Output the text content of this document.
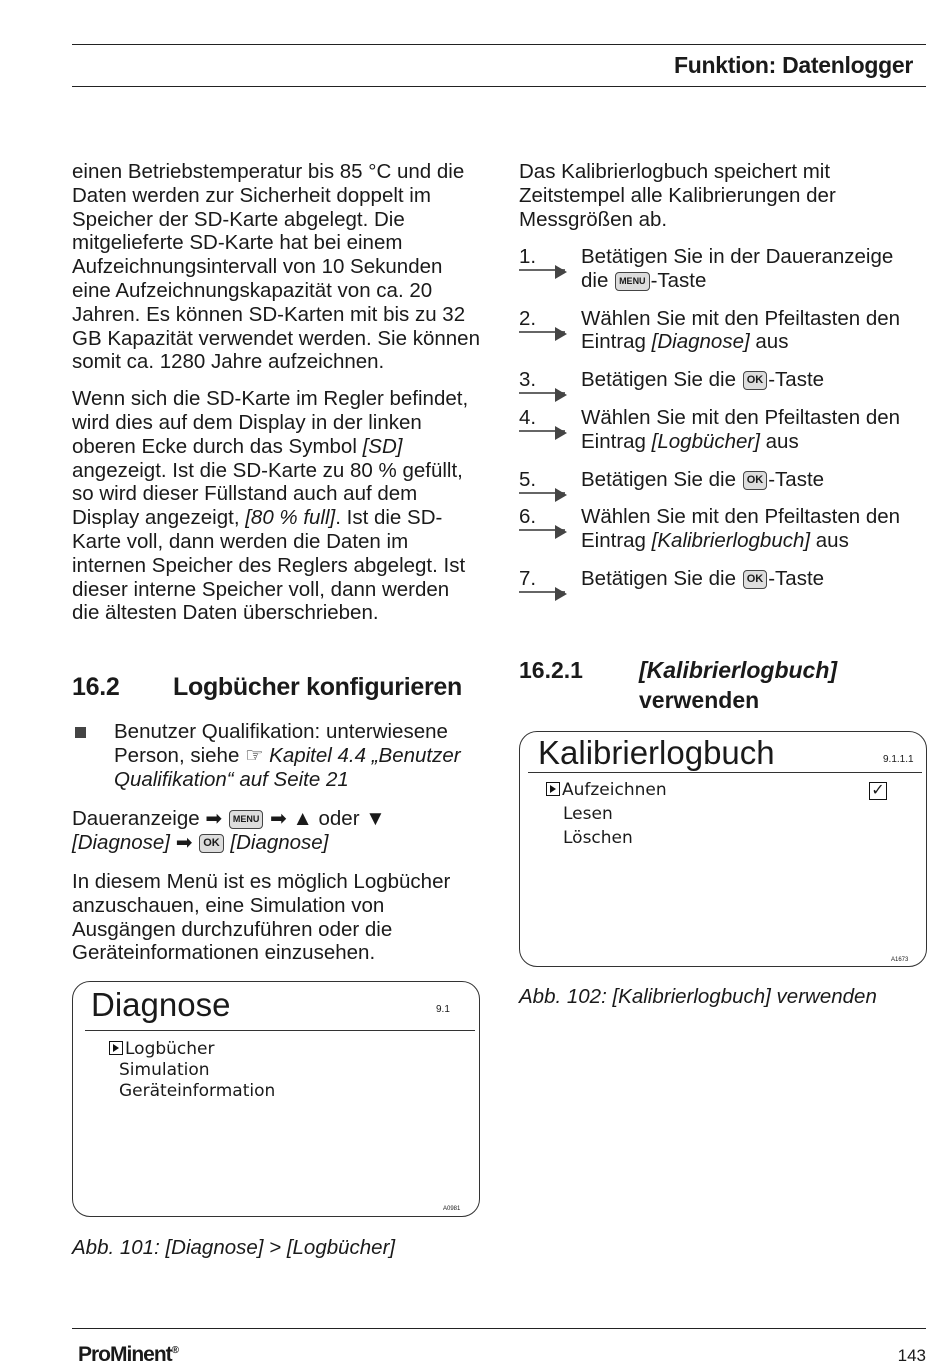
Funktion: Datenlogger

einen Betriebstemperatur bis 85 °C und die Daten werden zur Sicherheit doppelt im Speicher der SD-Karte abgelegt. Die mitgelieferte SD-Karte hat bei einem Aufzeichnungsintervall von 10 Sekunden eine Aufzeichnungskapazität von ca. 20 Jahren. Es können SD-Karten mit bis zu 32 GB Kapazität verwendet werden. Sie können somit ca. 1280 Jahre aufzeichnen.

Wenn sich die SD-Karte im Regler befindet, wird dies auf dem Display in der linken oberen Ecke durch das Symbol [SD] angezeigt. Ist die SD-Karte zu 80 % gefüllt, so wird dieser Füllstand auch auf dem Display angezeigt, [80 % full]. Ist die SD-Karte voll, dann werden die Daten im internen Speicher des Reglers abgelegt. Ist dieser interne Speicher voll, dann werden die ältesten Daten überschrieben.

16.2 Logbücher konfigurieren
Benutzer Qualifikation: unterwiesene Person, siehe ☞ Kapitel 4.4 „Benutzer Qualifikation“ auf Seite 21
Daueranzeige ➡ MENU ➡ ▲ oder ▼
[Diagnose] ➡ OK [Diagnose]
In diesem Menü ist es möglich Logbücher anzuschauen, eine Simulation von Ausgängen durchzuführen oder die Geräteinformationen einzusehen.
Diagnose	9.1
Logbücher
Simulation
Geräteinformation
A0981
Abb. 101: [Diagnose] > [Logbücher]
Das Kalibrierlogbuch speichert mit Zeitstempel alle Kalibrierungen der Messgrößen ab.
1. Betätigen Sie in der Daueranzeige die MENU -Taste
2. Wählen Sie mit den Pfeiltasten den Eintrag [Diagnose] aus
3. Betätigen Sie die OK -Taste
4. Wählen Sie mit den Pfeiltasten den Eintrag [Logbücher] aus
5. Betätigen Sie die OK -Taste
6. Wählen Sie mit den Pfeiltasten den Eintrag [Kalibrierlogbuch] aus
7. Betätigen Sie die OK -Taste
16.2.1 [Kalibrierlogbuch] verwenden
Kalibrierlogbuch	9.1.1.1
Aufzeichnen	✓
Lesen
Löschen
A1673
Abb. 102: [Kalibrierlogbuch] verwenden
ProMinent®	143
